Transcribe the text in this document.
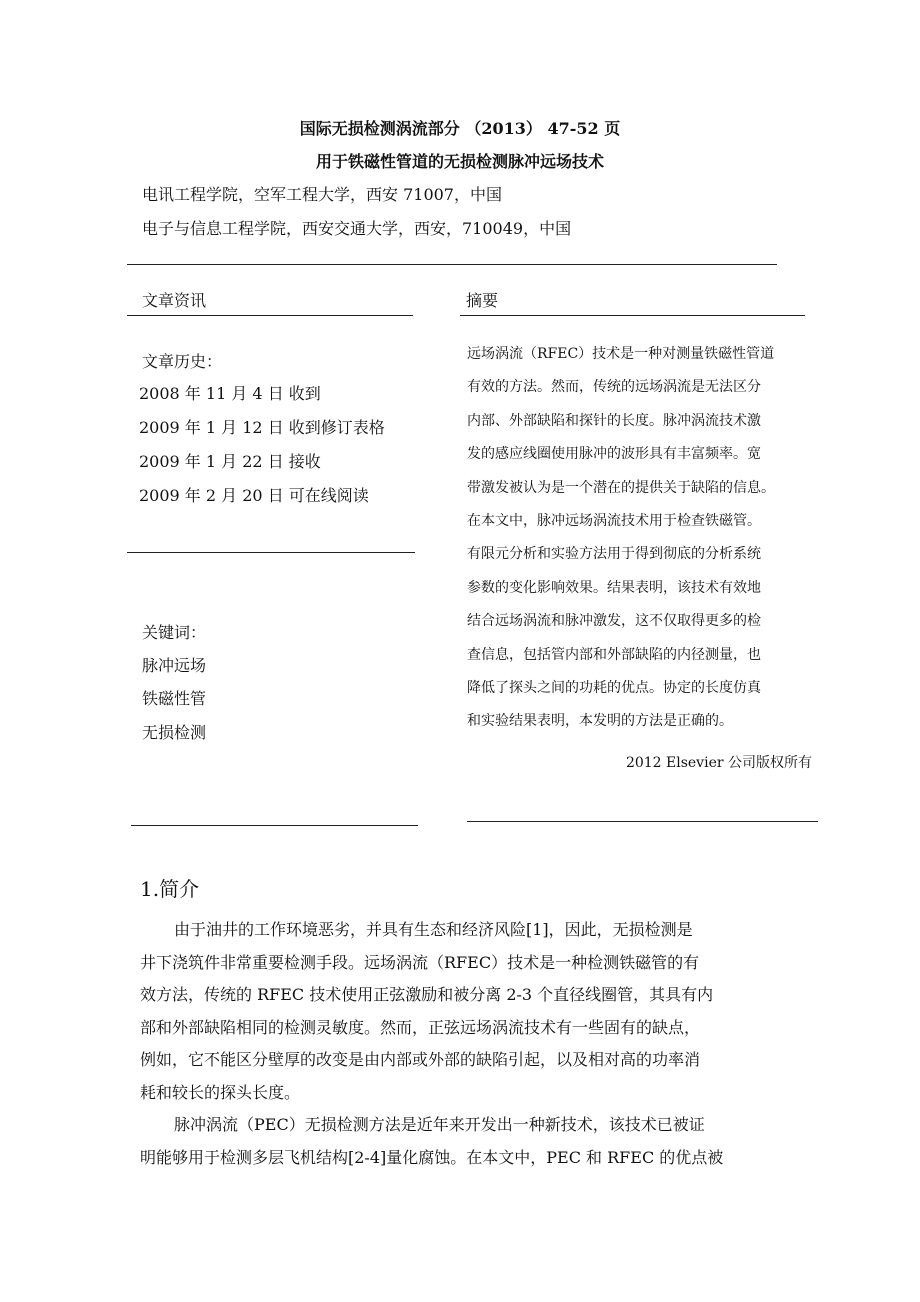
国际无损检测涡流部分 （2013） 47-52 页
用于铁磁性管道的无损检测脉冲远场技术
电讯工程学院，空军工程大学，西安 71007，中国
电子与信息工程学院，西安交通大学，西安，710049，中国
文章资讯	摘要
文章历史：
2008 年 11 月 4 日 收到
2009 年 1 月 12 日 收到修订表格
2009 年 1 月 22 日 接收
2009 年 2 月 20 日 可在线阅读
关键词：
脉冲远场
铁磁性管
无损检测
远场涡流（RFEC）技术是一种对测量铁磁性管道
有效的方法。然而，传统的远场涡流是无法区分
内部、外部缺陷和探针的长度。脉冲涡流技术激
发的感应线圈使用脉冲的波形具有丰富频率。宽
带激发被认为是一个潜在的提供关于缺陷的信息。
在本文中，脉冲远场涡流技术用于检查铁磁管。
有限元分析和实验方法用于得到彻底的分析系统
参数的变化影响效果。结果表明，该技术有效地
结合远场涡流和脉冲激发，这不仅取得更多的检
查信息，包括管内部和外部缺陷的内径测量，也
降低了探头之间的功耗的优点。协定的长度仿真
和实验结果表明，本发明的方法是正确的。
2012 Elsevier 公司版权所有
1.简介
由于油井的工作环境恶劣，并具有生态和经济风险[1]，因此，无损检测是
井下浇筑件非常重要检测手段。远场涡流（RFEC）技术是一种检测铁磁管的有
效方法，传统的 RFEC 技术使用正弦激励和被分离 2-3 个直径线圈管，其具有内
部和外部缺陷相同的检测灵敏度。然而，正弦远场涡流技术有一些固有的缺点，
例如，它不能区分壁厚的改变是由内部或外部的缺陷引起，以及相对高的功率消
耗和较长的探头长度。
脉冲涡流（PEC）无损检测方法是近年来开发出一种新技术，该技术已被证
明能够用于检测多层飞机结构[2-4]量化腐蚀。在本文中，PEC 和 RFEC 的优点被
